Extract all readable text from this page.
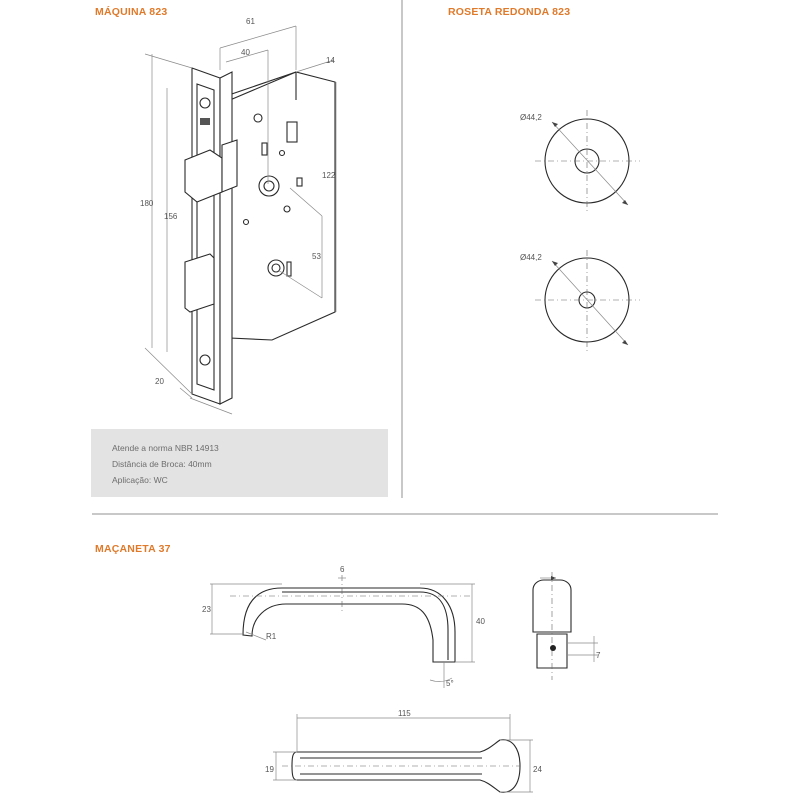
MÁQUINA 823	ROSETA REDONDA 823
MAÇANETA 37
Atende a norma NBR 14913
Distância de Broca: 40mm
Aplicação: WC
61
40
14
122
180
156
53
20
Ø44,2
Ø44,2
6
23
R1
40
5°
7
115
19	24
